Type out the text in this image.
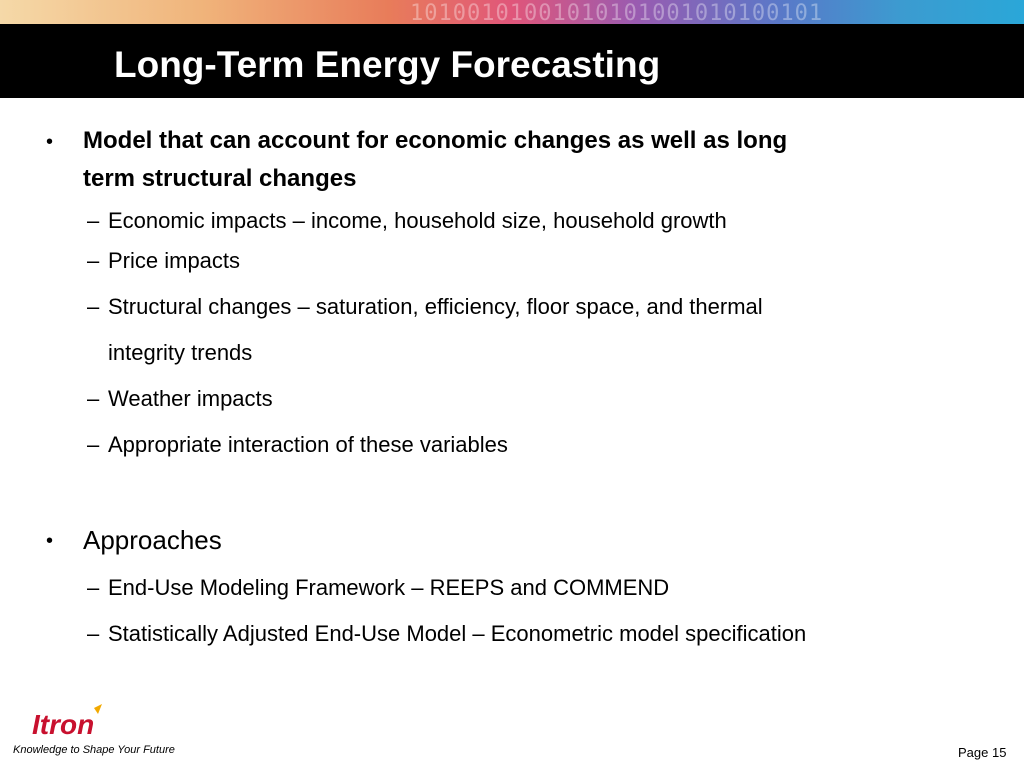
10100101001010101001010100101
Long-Term Energy Forecasting
• Model that can account for economic changes as well as long
term structural changes
– Economic impacts – income, household size, household growth
– Price impacts
– Structural changes – saturation, efficiency, floor space, and thermal
integrity trends
– Weather impacts
– Appropriate interaction of these variables
• Approaches
– End-Use Modeling Framework – REEPS and COMMEND
– Statistically Adjusted End-Use Model – Econometric model specification
Itron
Knowledge to Shape Your Future	Page 15
